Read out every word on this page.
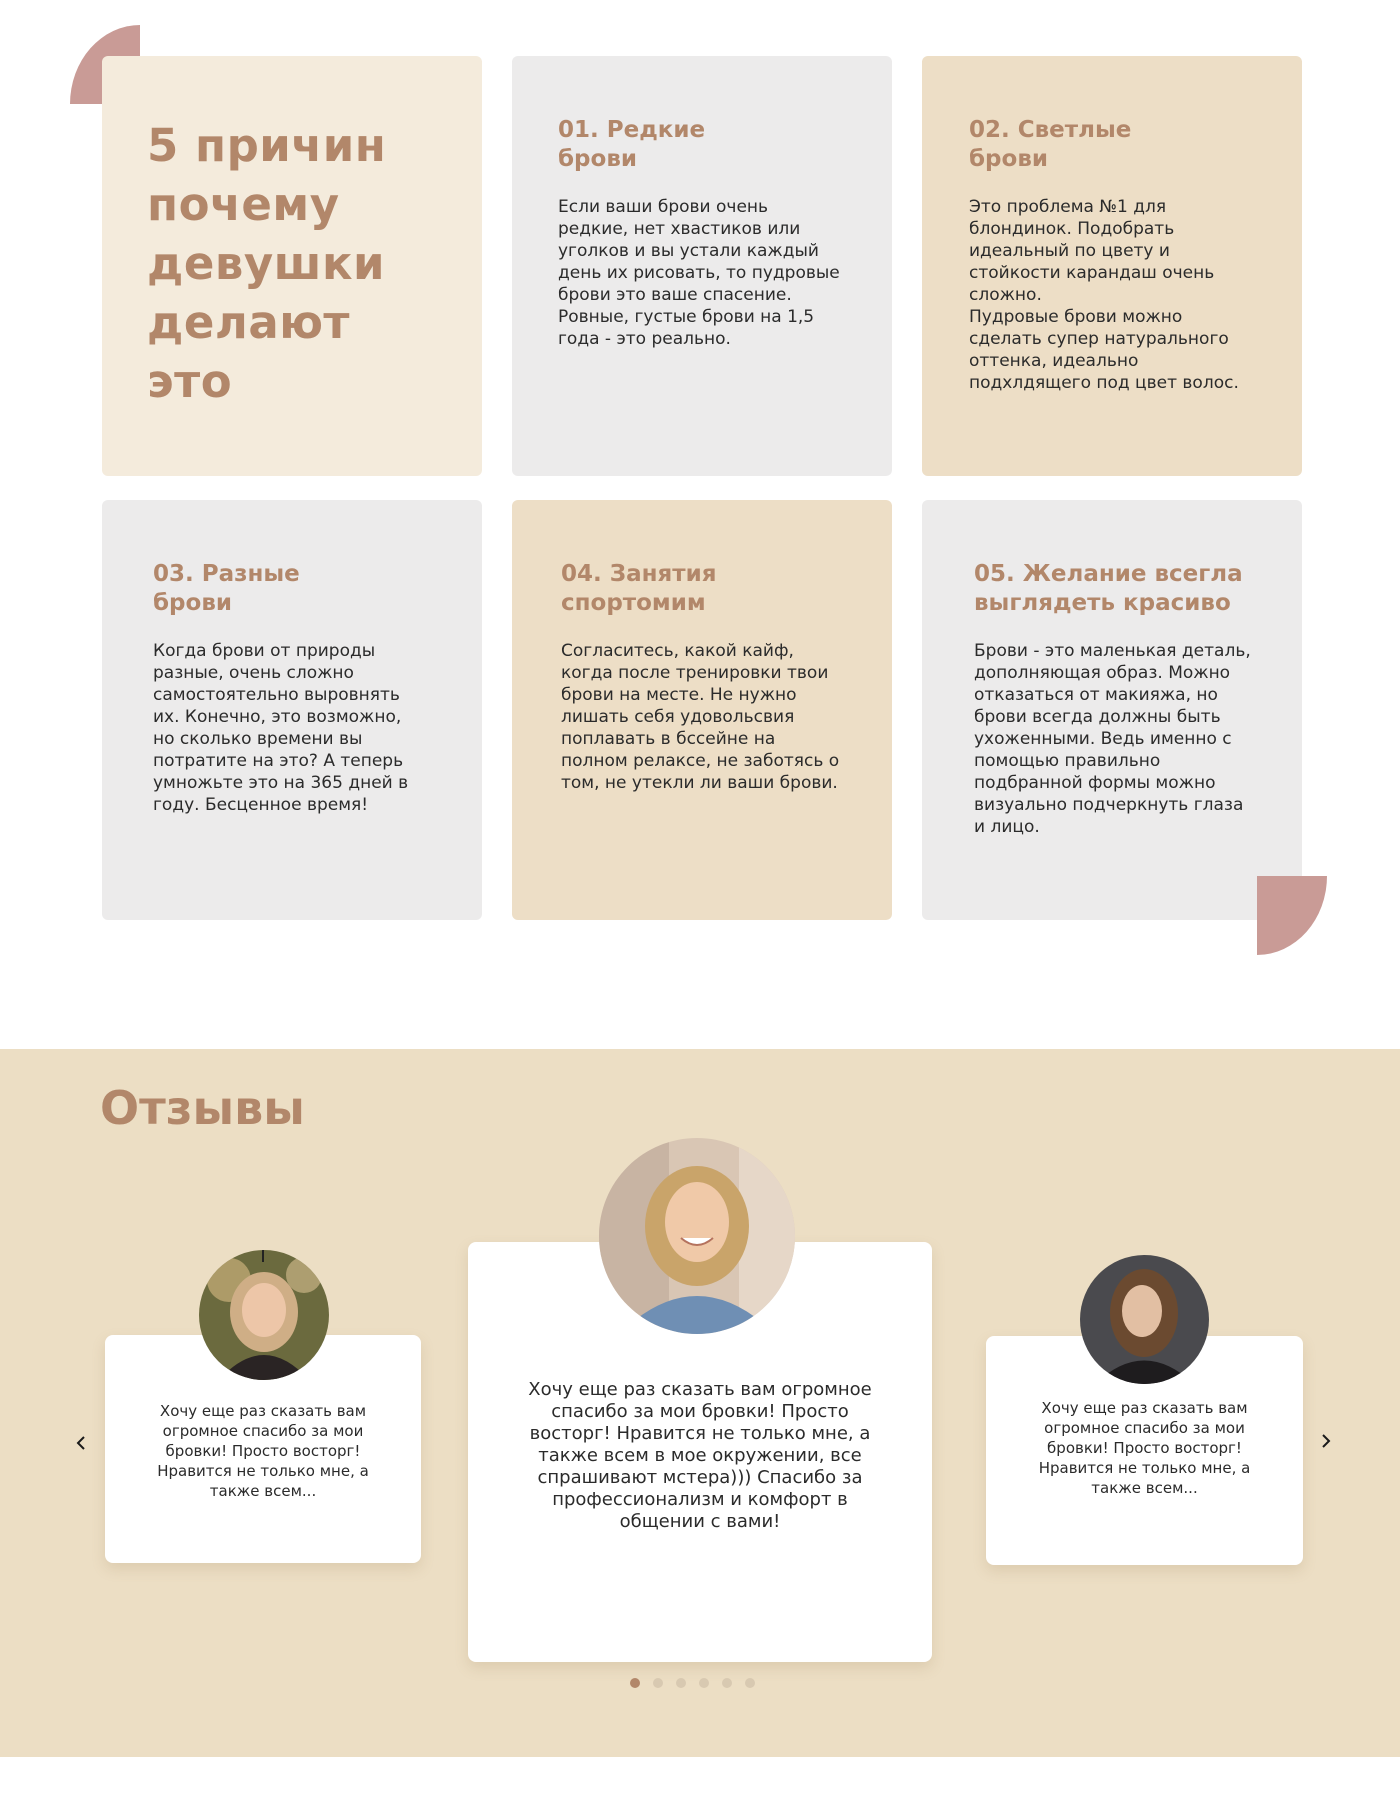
5 причин
почему
девушки
делают
это
01. Редкие
брови

Если ваши брови очень
редкие, нет хвастиков или
уголков и вы устали каждый
день их рисовать, то пудровые
брови это ваше спасение.
Ровные, густые брови на 1,5
года - это реально.

02. Светлые
брови

Это проблема №1 для
блондинок. Подобрать
идеальный по цвету и
стойкости карандаш очень
сложно.
Пудровые брови можно
сделать супер натурального
оттенка, идеально
подхлдящего под цвет волос.

03. Разные
брови

Когда брови от природы
разные, очень сложно
самостоятельно выровнять
их. Конечно, это возможно,
но сколько времени вы
потратите на это? А теперь
умножьте это на 365 дней в
году. Бесценное время!

04. Занятия
спортомим

Согласитесь, какой кайф,
когда после тренировки твои
брови на месте. Не нужно
лишать себя удовольсвия
поплавать в бссейне на
полном релаксе, не заботясь о
том, не утекли ли ваши брови.

05. Желание всегла
выглядеть красиво

Брови - это маленькая деталь,
дополняющая образ. Можно
отказаться от макияжа, но
брови всегда должны быть
ухоженными. Ведь именно с
помощью правильно
подбранной формы можно
визуально подчеркнуть глаза
и лицо.

Отзывы

Хочу еще раз сказать вам
огромное спасибо за мои
бровки! Просто восторг!
Нравится не только мне, а
также всем...

Хочу еще раз сказать вам огромное
спасибо за мои бровки! Просто
восторг! Нравится не только мне, а
также всем в мое окружении, все
спрашивают мстера))) Спасибо за
профессионализм и комфорт в
общении с вами!

Хочу еще раз сказать вам
огромное спасибо за мои
бровки! Просто восторг!
Нравится не только мне, а
также всем...
